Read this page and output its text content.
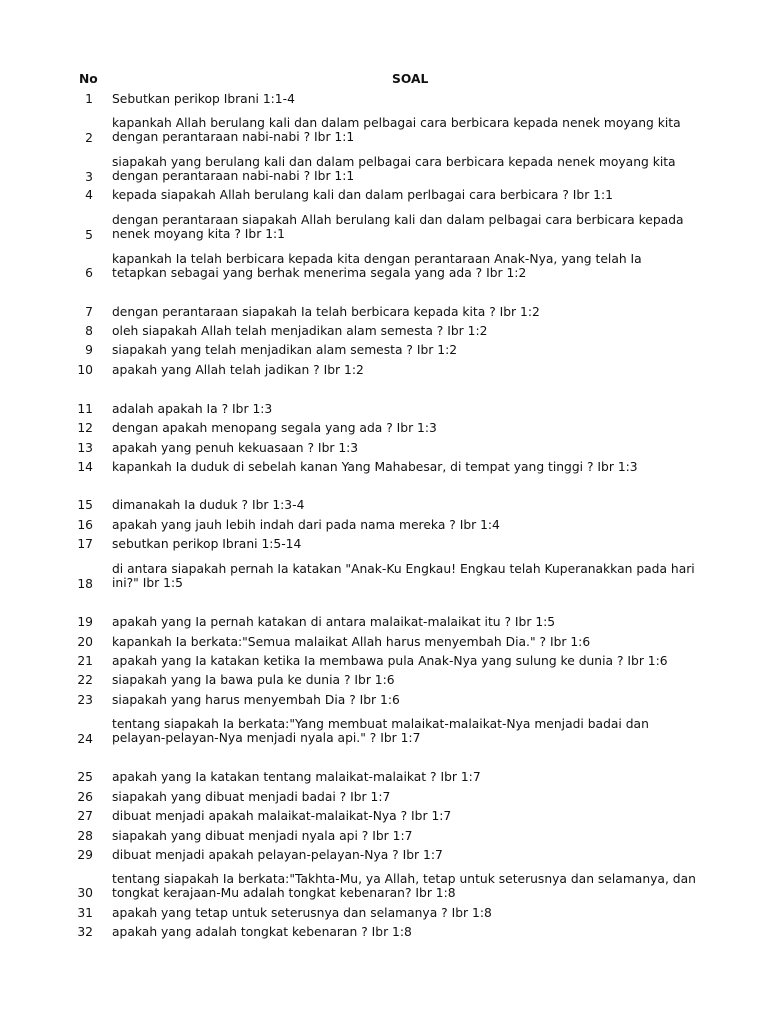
No	SOAL
1 Sebutkan perikop Ibrani 1:1-4
2
kapankah Allah berulang kali dan dalam pelbagai cara berbicara kepada nenek moyang kita dengan perantaraan nabi-nabi ? Ibr 1:1
3
siapakah yang berulang kali dan dalam pelbagai cara berbicara kepada nenek moyang kita dengan perantaraan nabi-nabi ? Ibr 1:1
4 kepada siapakah Allah berulang kali dan dalam perlbagai cara berbicara ? Ibr 1:1
5
dengan perantaraan siapakah Allah berulang kali dan dalam pelbagai cara berbicara kepada nenek moyang kita ? Ibr 1:1
6
kapankah Ia telah berbicara kepada kita dengan perantaraan Anak-Nya, yang telah Ia tetapkan sebagai yang berhak menerima segala yang ada ? Ibr 1:2
7 dengan perantaraan siapakah Ia telah berbicara kepada kita ? Ibr 1:2
8 oleh siapakah Allah telah menjadikan alam semesta ? Ibr 1:2
9 siapakah yang telah menjadikan alam semesta ? Ibr 1:2
10 apakah yang Allah telah jadikan ? Ibr 1:2
11 adalah apakah Ia ? Ibr 1:3
12 dengan apakah menopang segala yang ada ? Ibr 1:3
13 apakah yang penuh kekuasaan ? Ibr 1:3
14 kapankah Ia duduk di sebelah kanan Yang Mahabesar, di tempat yang tinggi ? Ibr 1:3
15 dimanakah Ia duduk ? Ibr 1:3-4
16 apakah yang jauh lebih indah dari pada nama mereka ? Ibr 1:4
17 sebutkan perikop Ibrani 1:5-14
18
di antara siapakah pernah Ia katakan "Anak-Ku Engkau! Engkau telah Kuperanakkan pada hari ini?" Ibr 1:5
19 apakah yang Ia pernah katakan di antara malaikat-malaikat itu ? Ibr 1:5
20 kapankah Ia berkata:"Semua malaikat Allah harus menyembah Dia." ? Ibr 1:6
21 apakah yang Ia katakan ketika Ia membawa pula Anak-Nya yang sulung ke dunia ? Ibr 1:6
22 siapakah yang Ia bawa pula ke dunia ? Ibr 1:6
23 siapakah yang harus menyembah Dia ? Ibr 1:6
24
tentang siapakah Ia berkata:"Yang membuat malaikat-malaikat-Nya menjadi badai dan pelayan-pelayan-Nya menjadi nyala api." ? Ibr 1:7
25 apakah yang Ia katakan tentang malaikat-malaikat ? Ibr 1:7
26 siapakah yang dibuat menjadi badai ? Ibr 1:7
27 dibuat menjadi apakah malaikat-malaikat-Nya ? Ibr 1:7
28 siapakah yang dibuat menjadi nyala api ? Ibr 1:7
29 dibuat menjadi apakah pelayan-pelayan-Nya ? Ibr 1:7
30
tentang siapakah Ia berkata:"Takhta-Mu, ya Allah, tetap untuk seterusnya dan selamanya, dan tongkat kerajaan-Mu adalah tongkat kebenaran? Ibr 1:8
31 apakah yang tetap untuk seterusnya dan selamanya ? Ibr 1:8
32 apakah yang adalah tongkat kebenaran ? Ibr 1:8
